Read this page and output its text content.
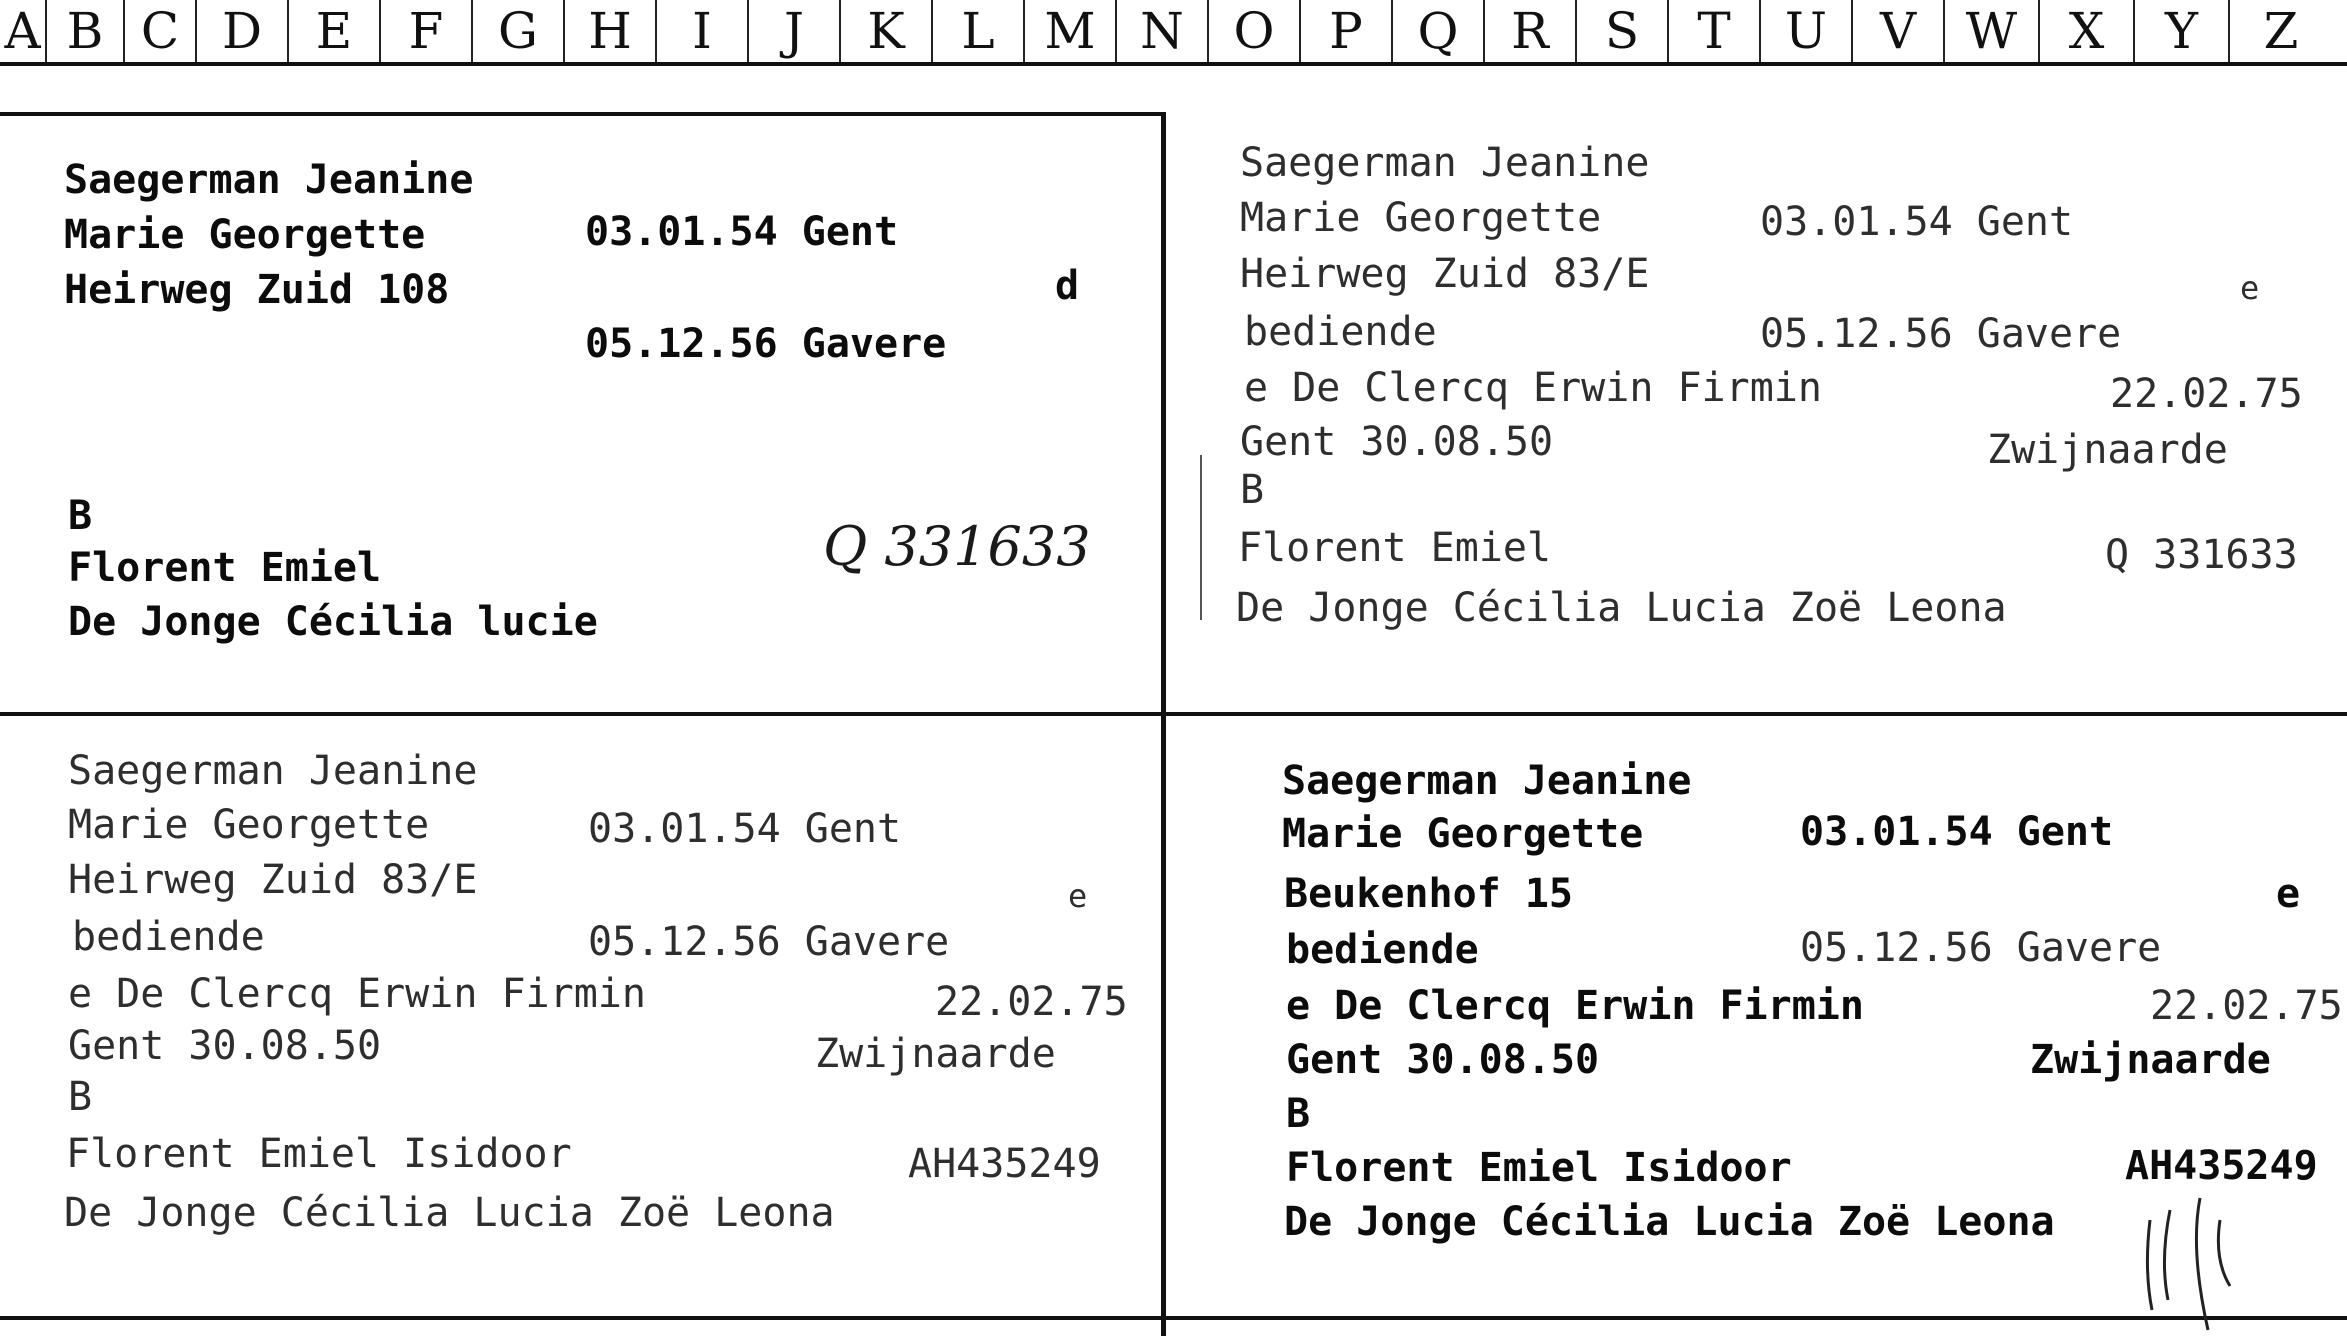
A B C D	E	F	G	H	I	J	K	L M N O	P	Q	R	S	T	U	V W	X	Y	Z
Saegerman Jeanine
Marie Georgette	03.01.54 Gent
Heirweg Zuid 108	d
05.12.56 Gavere
B
Florent Emiel	Q 331633
De Jonge Cécilia lucie
Saegerman Jeanine
Marie Georgette	03.01.54 Gent
Heirweg Zuid 83/E	e
bediende	05.12.56 Gavere
e De Clercq Erwin Firmin	22.02.75
Gent 30.08.50	Zwijnaarde
B
Florent Emiel	Q 331633
De Jonge Cécilia Lucia Zoë Leona
Saegerman Jeanine
Marie Georgette	03.01.54 Gent
Heirweg Zuid 83/E	e
bediende	05.12.56 Gavere
e De Clercq Erwin Firmin	22.02.75
Gent 30.08.50	Zwijnaarde
B
Florent Emiel Isidoor	AH435249
De Jonge Cécilia Lucia Zoë Leona
Saegerman Jeanine
Marie Georgette	03.01.54 Gent
Beukenhof 15	e
bediende	05.12.56 Gavere
e De Clercq Erwin Firmin	22.02.75
Gent 30.08.50	Zwijnaarde
B
Florent Emiel Isidoor	AH435249
De Jonge Cécilia Lucia Zoë Leona
